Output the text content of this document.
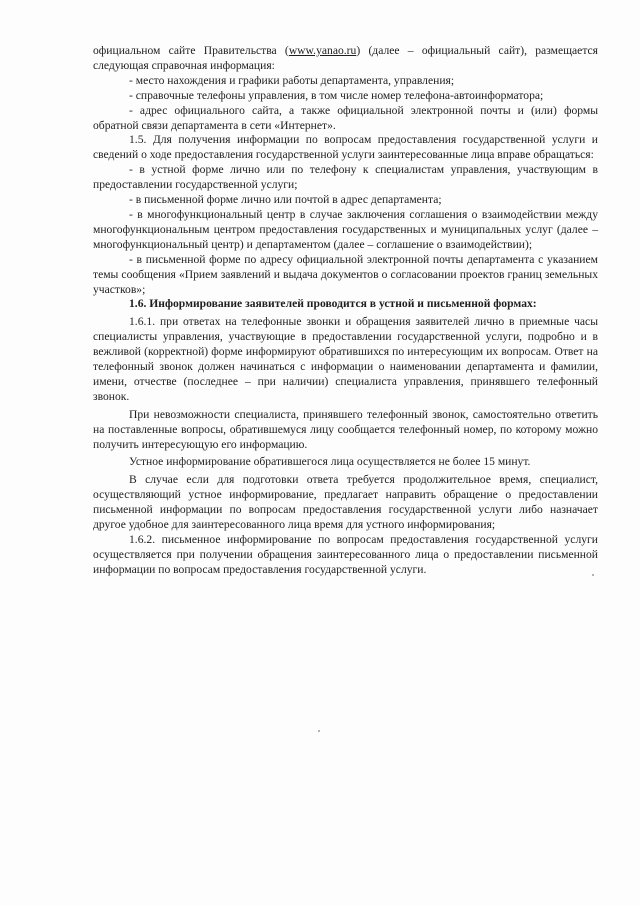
официальном сайте Правительства (www.yanao.ru) (далее – официальный сайт), размещается следующая справочная информация:

- место нахождения и графики работы департамента, управления;

- справочные телефоны управления, в том числе номер телефона-автоинформатора;

- адрес официального сайта, а также официальной электронной почты и (или) формы обратной связи департамента в сети «Интернет».

1.5. Для получения информации по вопросам предоставления государственной услуги и сведений о ходе предоставления государственной услуги заинтересованные лица вправе обращаться:

- в устной форме лично или по телефону к специалистам управления, участвующим в предоставлении государственной услуги;

- в письменной форме лично или почтой в адрес департамента;

- в многофункциональный центр в случае заключения соглашения о взаимодействии между многофункциональным центром предоставления государственных и муниципальных услуг (далее – многофункциональный центр) и департаментом (далее – соглашение о взаимодействии);

- в письменной форме по адресу официальной электронной почты департамента с указанием темы сообщения «Прием заявлений и выдача документов о согласовании проектов границ земельных участков»;

1.6. Информирование заявителей проводится в устной и письменной формах:

1.6.1. при ответах на телефонные звонки и обращения заявителей лично в приемные часы специалисты управления, участвующие в предоставлении государственной услуги, подробно и в вежливой (корректной) форме информируют обратившихся по интересующим их вопросам. Ответ на телефонный звонок должен начинаться с информации о наименовании департамента и фамилии, имени, отчестве (последнее – при наличии) специалиста управления, принявшего телефонный звонок.

При невозможности специалиста, принявшего телефонный звонок, самостоятельно ответить на поставленные вопросы, обратившемуся лицу сообщается телефонный номер, по которому можно получить интересующую его информацию.

Устное информирование обратившегося лица осуществляется не более 15 минут.

В случае если для подготовки ответа требуется продолжительное время, специалист, осуществляющий устное информирование, предлагает направить обращение о предоставлении письменной информации по вопросам предоставления государственной услуги либо назначает другое удобное для заинтересованного лица время для устного информирования;

1.6.2. письменное информирование по вопросам предоставления государственной услуги осуществляется при получении обращения заинтересованного лица о предоставлении письменной информации по вопросам предоставления государственной услуги.
